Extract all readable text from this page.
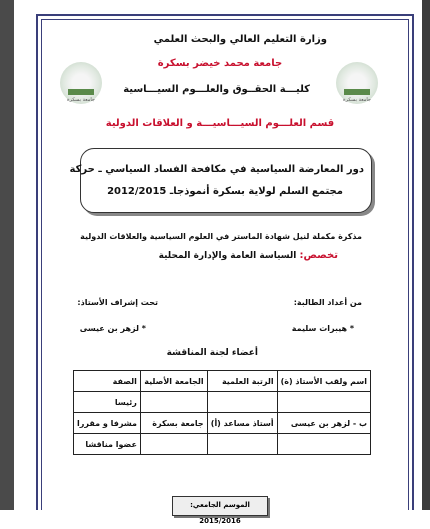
وزارة التعليم العالي والبحث العلمي
جامعة محمد خيضر بسكرة
كليـــة الحقــوق والعلـــوم السيـــاسية
قسم العلـــوم السيـــاسيـــة و العلاقات الدولية
جامعة بسكرة	جامعة بسكرة
دور المعارضة السياسية في مكافحة الفساد السياسي ـ حركة
مجتمع السلم لولاية بسكرة أنموذجاـ 2012/2015
مذكرة مكملة لنيل شهادة الماستر في العلوم السياسية والعلاقات الدولية
تخصص: السياسة العامة والإدارة المحلية
من أعداد الطالبة:
تحت إشراف الأستاذ:
* هيبرات سليمة
* لزهر بن عيسى
أعضاء لجنة المناقشة
اسم ولقب الأستاذ (ة)	الرتبة العلمية	الجامعة الأصلية	الصفة
			رئيسا
ب - لزهر بن عيسى	أستاذ مساعد (أ)	جامعة بسكرة	مشرفا و مقررا
			عضوا مناقشا
الموسم الجامعي: 2015/2016
